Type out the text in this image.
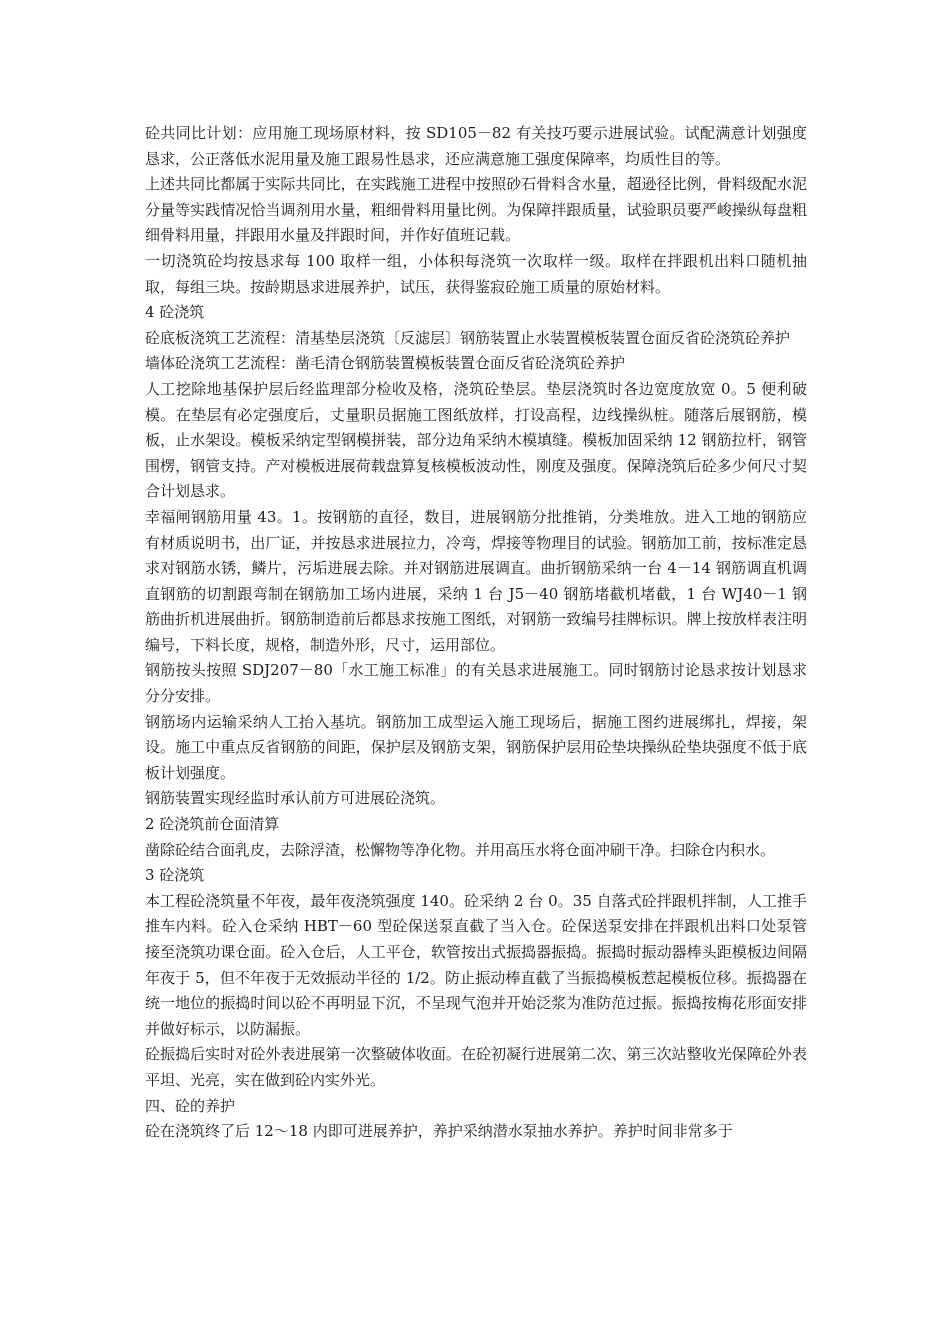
砼共同比计划：应用施工现场原材料，按 SD105－82 有关技巧要示进展试验。试配满意计划强度恳求，公正落低水泥用量及施工跟易性恳求，还应满意施工强度保障率，均质性目的等。

上述共同比都属于实际共同比，在实践施工进程中按照砂石骨料含水量，超逊径比例，骨料级配水泥分量等实践情况恰当调剂用水量，粗细骨料用量比例。为保障拌跟质量，试验职员要严峻操纵每盘粗细骨料用量，拌跟用水量及拌跟时间，并作好值班记载。

一切浇筑砼均按恳求每 100 取样一组，小体积每浇筑一次取样一级。取样在拌跟机出料口随机抽取，每组三块。按龄期恳求进展养护，试压，获得鉴寂砼施工质量的原始材料。

4 砼浇筑

砼底板浇筑工艺流程：清基垫层浇筑〔反滤层〕钢筋装置止水装置模板装置仓面反省砼浇筑砼养护

墙体砼浇筑工艺流程：凿毛清仓钢筋装置模板装置仓面反省砼浇筑砼养护

人工挖除地基保护层后经监理部分检收及格，浇筑砼垫层。垫层浇筑时各边宽度放宽 0。5 便利破模。在垫层有必定强度后，丈量职员据施工图纸放样，打设高程，边线操纵桩。随落后展钢筋，模板，止水架设。模板采纳定型钢模拼装，部分边角采纳木模填缝。模板加固采纳 12 钢筋拉杆，钢管围楞，钢管支持。产对模板进展荷载盘算复核模板波动性，刚度及强度。保障浇筑后砼多少何尺寸契合计划恳求。

幸福闸钢筋用量 43。1。按钢筋的直径，数目，进展钢筋分批推销，分类堆放。进入工地的钢筋应有材质说明书，出厂证，并按恳求进展拉力，冷弯，焊接等物理目的试验。钢筋加工前，按标准定恳求对钢筋水锈，鳞片，污垢进展去除。并对钢筋进展调直。曲折钢筋采纳一台 4－14 钢筋调直机调直钢筋的切割跟弯制在钢筋加工场内进展，采纳 1 台 J5－40 钢筋堵截机堵截，1 台 WJ40－1 钢筋曲折机进展曲折。钢筋制造前后都恳求按施工图纸，对钢筋一致编号挂牌标识。牌上按放样表注明编号，下料长度，规格，制造外形，尺寸，运用部位。

钢筋按头按照 SDJ207－80「水工施工标准」的有关恳求进展施工。同时钢筋讨论恳求按计划恳求分分安排。

钢筋场内运输采纳人工抬入基坑。钢筋加工成型运入施工现场后，据施工图约进展绑扎，焊接，架设。施工中重点反省钢筋的间距，保护层及钢筋支架，钢筋保护层用砼垫块操纵砼垫块强度不低于底板计划强度。

钢筋装置实现经监时承认前方可进展砼浇筑。

2 砼浇筑前仓面清算

凿除砼结合面乳皮，去除浮渣，松懈物等净化物。并用高压水将仓面冲刷干净。扫除仓内积水。

3 砼浇筑

本工程砼浇筑量不年夜，最年夜浇筑强度 140。砼采纳 2 台 0。35 自落式砼拌跟机拌制，人工推手推车内料。砼入仓采纳 HBT－60 型砼保送泵直截了当入仓。砼保送泵安排在拌跟机出料口处泵管接至浇筑功课仓面。砼入仓后，人工平仓，软管按出式振捣器振捣。振捣时振动器棒头距模板边间隔年夜于 5，但不年夜于无效振动半径的 1/2。防止振动棒直截了当振捣模板惹起模板位移。振捣器在统一地位的振捣时间以砼不再明显下沉，不呈现气泡并开始泛浆为准防范过振。振捣按梅花形面安排并做好标示，以防漏振。

砼振捣后实时对砼外表进展第一次整破体收面。在砼初凝行进展第二次、第三次站整收光保障砼外表平坦、光亮，实在做到砼内实外光。

四、砼的养护

砼在浇筑终了后 12～18 内即可进展养护，养护采纳潜水泵抽水养护。养护时间非常多于
